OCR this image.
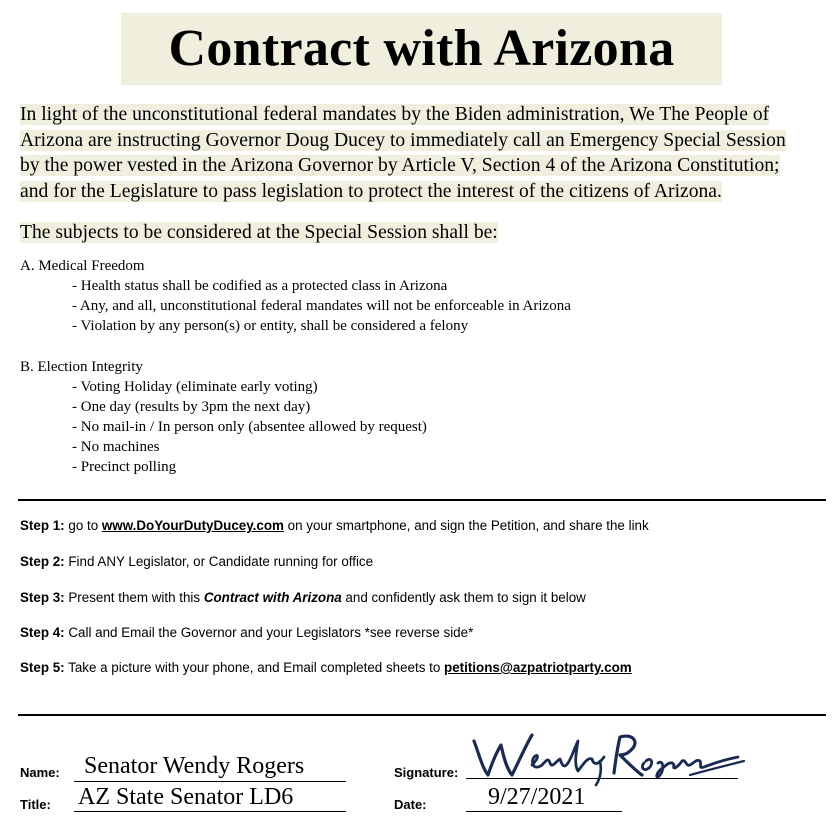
Contract with Arizona
In light of the unconstitutional federal mandates by the Biden administration, We The People of
Arizona are instructing Governor Doug Ducey to immediately call an Emergency Special Session
by the power vested in the Arizona Governor by Article V, Section 4 of the Arizona Constitution;
and for the Legislature to pass legislation to protect the interest of the citizens of Arizona.
The subjects to be considered at the Special Session shall be:
A. Medical Freedom
- Health status shall be codified as a protected class in Arizona
- Any, and all, unconstitutional federal mandates will not be enforceable in Arizona
- Violation by any person(s) or entity, shall be considered a felony
B. Election Integrity
- Voting Holiday (eliminate early voting)
- One day (results by 3pm the next day)
- No mail-in / In person only (absentee allowed by request)
- No machines
- Precinct polling
Step 1: go to www.DoYourDutyDucey.com on your smartphone, and sign the Petition, and share the link
Step 2: Find ANY Legislator, or Candidate running for office
Step 3: Present them with this Contract with Arizona and confidently ask them to sign it below
Step 4: Call and Email the Governor and your Legislators *see reverse side*
Step 5: Take a picture with your phone, and Email completed sheets to petitions@azpatriotparty.com
Name: Senator Wendy Rogers
Title: AZ State Senator LD6
Signature:
Date:	9/27/2021
